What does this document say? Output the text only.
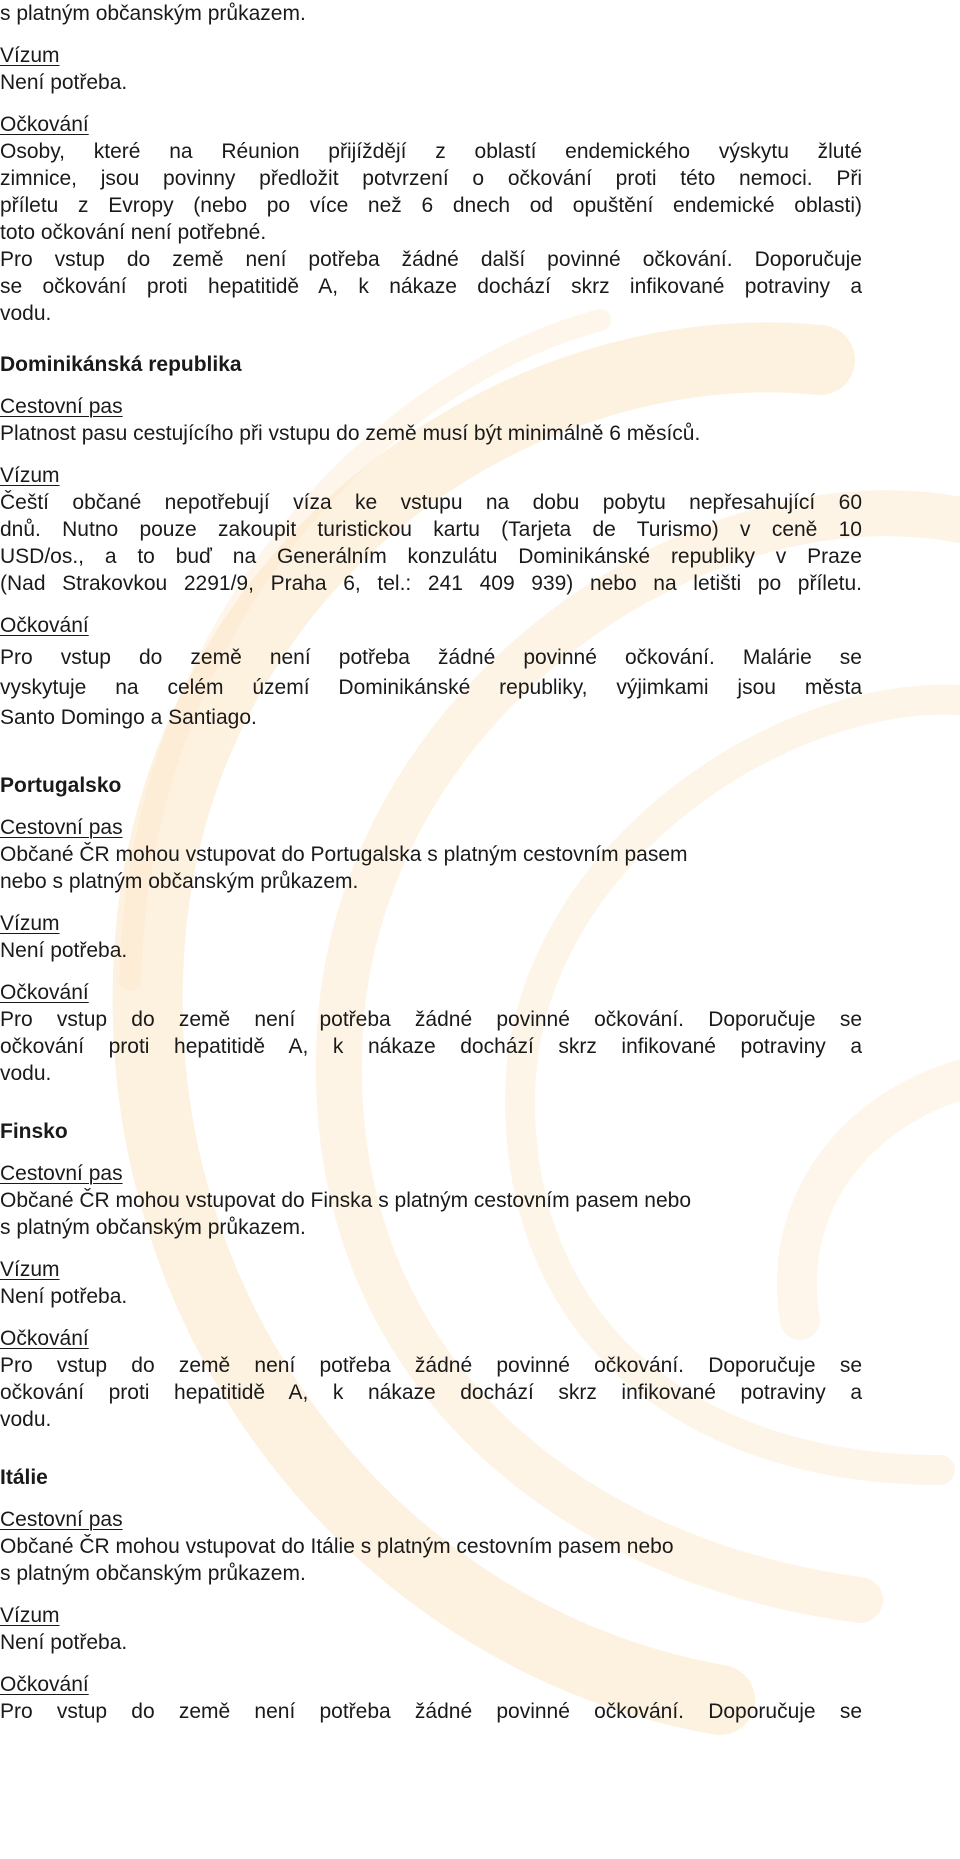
s platným občanským průkazem.
Vízum
Není potřeba.
Očkování
Osoby, které na Réunion přijíždějí z oblastí endemického výskytu žluté
zimnice, jsou povinny předložit potvrzení o očkování proti této nemoci. Při
příletu z Evropy (nebo po více než 6 dnech od opuštění endemické oblasti)
toto očkování není potřebné.
Pro vstup do země není potřeba žádné další povinné očkování. Doporučuje
se očkování proti hepatitidě A, k nákaze dochází skrz infikované potraviny a
vodu.
Dominikánská republika
Cestovní pas
Platnost pasu cestujícího při vstupu do země musí být minimálně 6 měsíců.
Vízum
Čeští občané nepotřebují víza ke vstupu na dobu pobytu nepřesahující 60
dnů. Nutno pouze zakoupit turistickou kartu (Tarjeta de Turismo) v ceně 10
USD/os., a to buď na Generálním konzulátu Dominikánské republiky v Praze
(Nad Strakovkou 2291/9, Praha 6, tel.: 241 409 939) nebo na letišti po příletu.
Očkování
Pro vstup do země není potřeba žádné povinné očkování. Malárie se
vyskytuje na celém území Dominikánské republiky, výjimkami jsou města
Santo Domingo a Santiago.
Portugalsko
Cestovní pas
Občané ČR mohou vstupovat do Portugalska s platným cestovním pasem
nebo s platným občanským průkazem.
Vízum
Není potřeba.
Očkování
Pro vstup do země není potřeba žádné povinné očkování. Doporučuje se
očkování proti hepatitidě A, k nákaze dochází skrz infikované potraviny a
vodu.
Finsko
Cestovní pas
Občané ČR mohou vstupovat do Finska s platným cestovním pasem nebo
s platným občanským průkazem.
Vízum
Není potřeba.
Očkování
Pro vstup do země není potřeba žádné povinné očkování. Doporučuje se
očkování proti hepatitidě A, k nákaze dochází skrz infikované potraviny a
vodu.
Itálie
Cestovní pas
Občané ČR mohou vstupovat do Itálie s platným cestovním pasem nebo
s platným občanským průkazem.
Vízum
Není potřeba.
Očkování
Pro vstup do země není potřeba žádné povinné očkování. Doporučuje se
